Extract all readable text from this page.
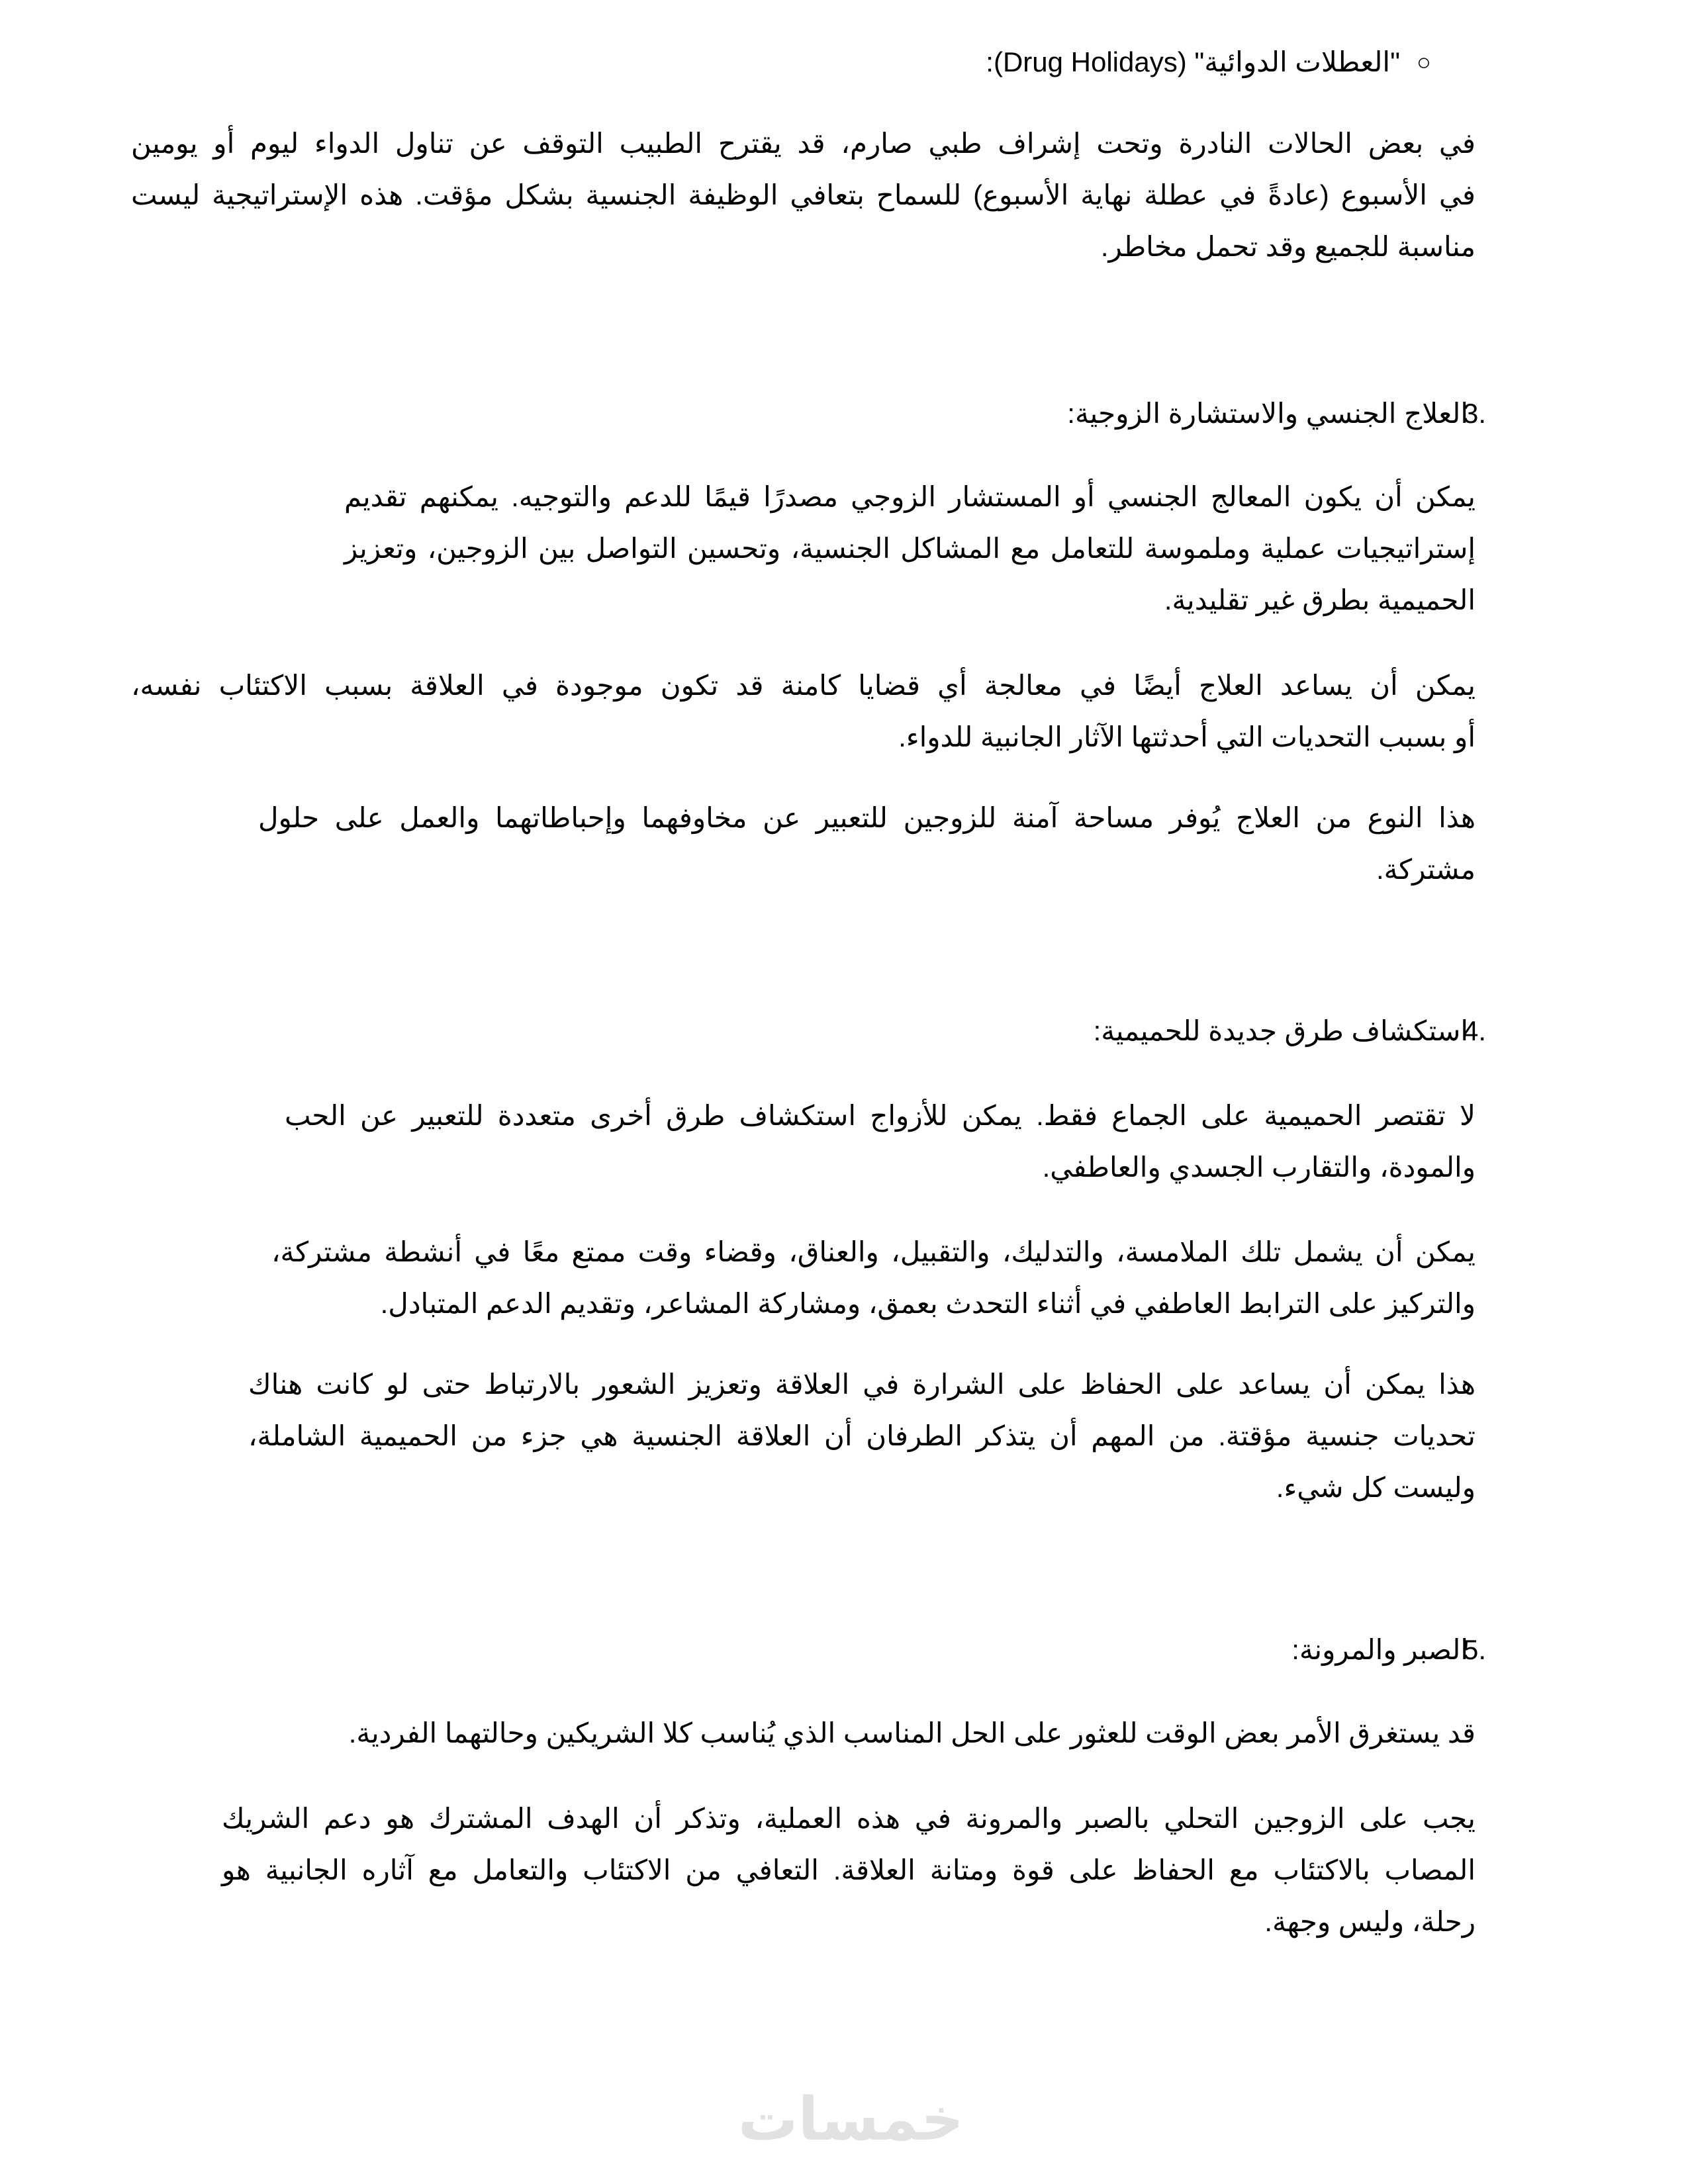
○
"العطلات الدوائية" (Drug Holidays):
في بعض الحالات النادرة وتحت إشراف طبي صارم، قد يقترح الطبيب التوقف عن تناول الدواء ليوم أو يومين
في الأسبوع (عادةً في عطلة نهاية الأسبوع) للسماح بتعافي الوظيفة الجنسية بشكل مؤقت. هذه الإستراتيجية ليست
مناسبة للجميع وقد تحمل مخاطر.
3.
العلاج الجنسي والاستشارة الزوجية:
يمكن أن يكون المعالج الجنسي أو المستشار الزوجي مصدرًا قيمًا للدعم والتوجيه. يمكنهم تقديم
إستراتيجيات عملية وملموسة للتعامل مع المشاكل الجنسية، وتحسين التواصل بين الزوجين، وتعزيز
الحميمية بطرق غير تقليدية.
يمكن أن يساعد العلاج أيضًا في معالجة أي قضايا كامنة قد تكون موجودة في العلاقة بسبب الاكتئاب نفسه،
أو بسبب التحديات التي أحدثتها الآثار الجانبية للدواء.
هذا النوع من العلاج يُوفر مساحة آمنة للزوجين للتعبير عن مخاوفهما وإحباطاتهما والعمل على حلول
مشتركة.
4.
استكشاف طرق جديدة للحميمية:
لا تقتصر الحميمية على الجماع فقط. يمكن للأزواج استكشاف طرق أخرى متعددة للتعبير عن الحب
والمودة، والتقارب الجسدي والعاطفي.
يمكن أن يشمل تلك الملامسة، والتدليك، والتقبيل، والعناق، وقضاء وقت ممتع معًا في أنشطة مشتركة،
والتركيز على الترابط العاطفي في أثناء التحدث بعمق، ومشاركة المشاعر، وتقديم الدعم المتبادل.
هذا يمكن أن يساعد على الحفاظ على الشرارة في العلاقة وتعزيز الشعور بالارتباط حتى لو كانت هناك
تحديات جنسية مؤقتة. من المهم أن يتذكر الطرفان أن العلاقة الجنسية هي جزء من الحميمية الشاملة،
وليست كل شيء.
5.
الصبر والمرونة:
قد يستغرق الأمر بعض الوقت للعثور على الحل المناسب الذي يُناسب كلا الشريكين وحالتهما الفردية.
يجب على الزوجين التحلي بالصبر والمرونة في هذه العملية، وتذكر أن الهدف المشترك هو دعم الشريك
المصاب بالاكتئاب مع الحفاظ على قوة ومتانة العلاقة. التعافي من الاكتئاب والتعامل مع آثاره الجانبية هو
رحلة، وليس وجهة.
خمسات
